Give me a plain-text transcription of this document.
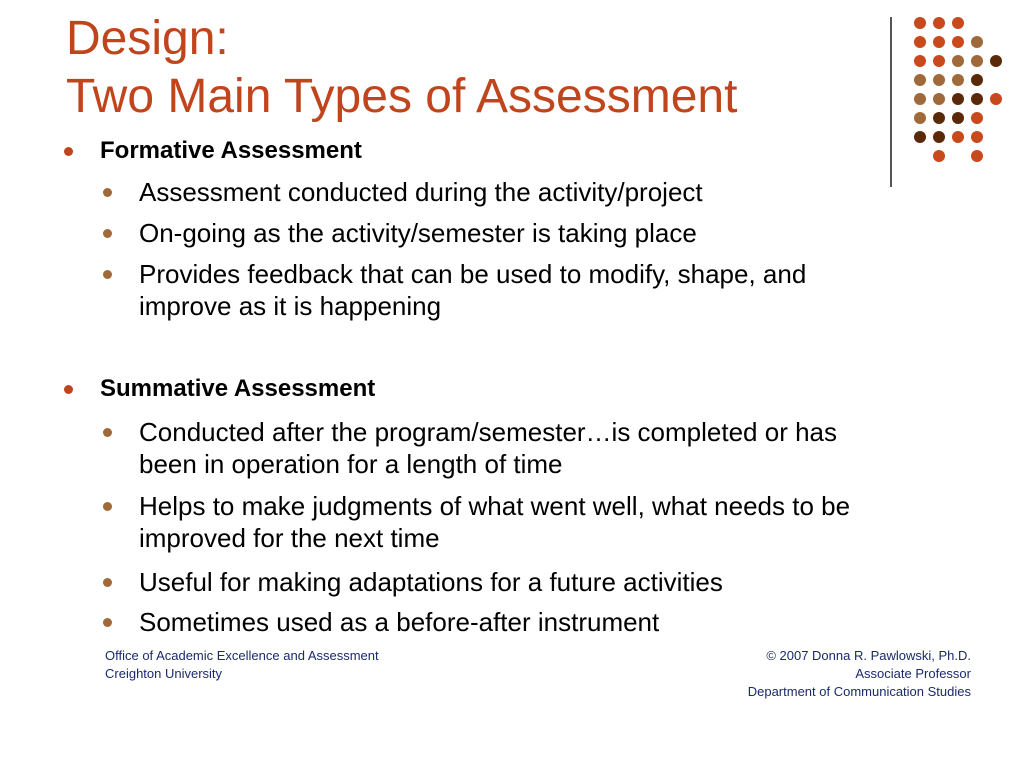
Design:
Two Main Types of Assessment
Formative Assessment
Assessment conducted during the activity/project
On-going as the activity/semester is taking place
Provides feedback that can be used to modify, shape, and improve as it is happening
Summative Assessment
Conducted after the program/semester…is completed or has been in operation for a length of time
Helps to make judgments of what went well, what needs to be improved for the next time
Useful for making adaptations for a future activities
Sometimes used as a before-after instrument
Office of Academic Excellence and Assessment
Creighton University
© 2007 Donna R. Pawlowski, Ph.D.
Associate Professor
Department of Communication Studies
